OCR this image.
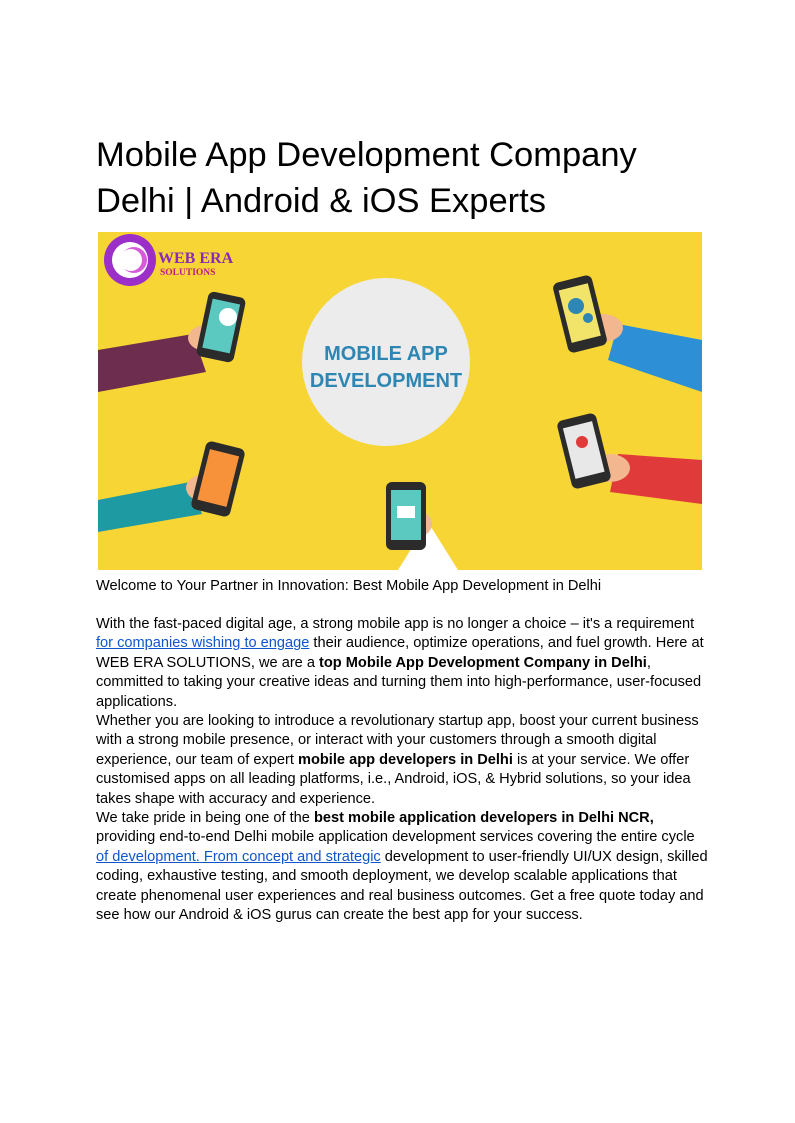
Mobile App Development Company
Delhi | Android & iOS Experts
WEB ERA
SOLUTIONS
MOBILE APP
DEVELOPMENT
Welcome to Your Partner in Innovation: Best Mobile App Development in Delhi

With the fast-paced digital age, a strong mobile app is no longer a choice – it's a requirement for companies wishing to engage their audience, optimize operations, and fuel growth. Here at WEB ERA SOLUTIONS, we are a top Mobile App Development Company in Delhi, committed to taking your creative ideas and turning them into high-performance, user-focused applications.

Whether you are looking to introduce a revolutionary startup app, boost your current business with a strong mobile presence, or interact with your customers through a smooth digital experience, our team of expert mobile app developers in Delhi is at your service. We offer customised apps on all leading platforms, i.e., Android, iOS, & Hybrid solutions, so your idea takes shape with accuracy and experience.

We take pride in being one of the best mobile application developers in Delhi NCR, providing end-to-end Delhi mobile application development services covering the entire cycle of development. From concept and strategic development to user-friendly UI/UX design, skilled coding, exhaustive testing, and smooth deployment, we develop scalable applications that create phenomenal user experiences and real business outcomes. Get a free quote today and see how our Android & iOS gurus can create the best app for your success.
